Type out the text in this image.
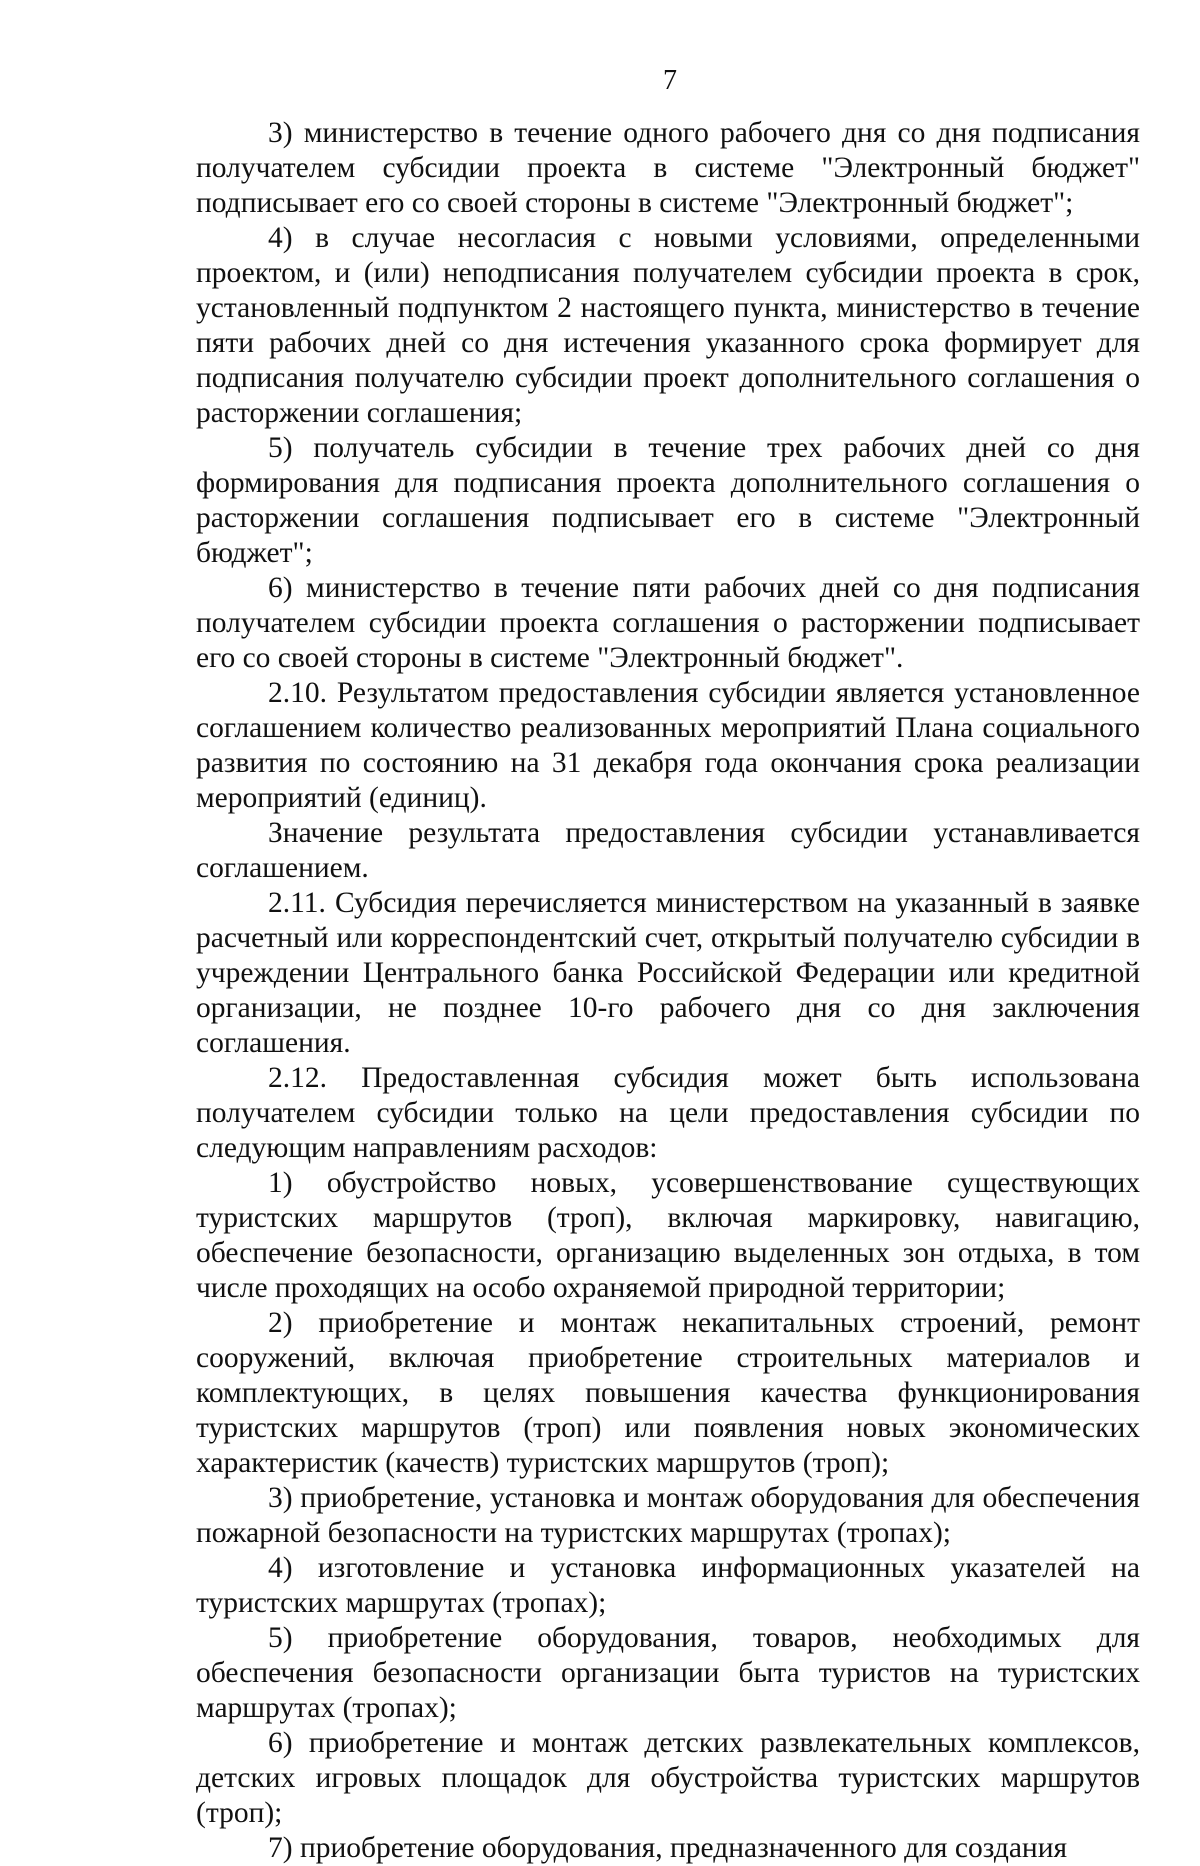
7

3) министерство в течение одного рабочего дня со дня подписания получателем субсидии проекта в системе "Электронный бюджет" подписывает его со своей стороны в системе "Электронный бюджет";

4) в случае несогласия с новыми условиями, определенными проектом, и (или) неподписания получателем субсидии проекта в срок, установленный подпунктом 2 настоящего пункта, министерство в течение пяти рабочих дней со дня истечения указанного срока формирует для подписания получателю субсидии проект дополнительного соглашения о расторжении соглашения;

5) получатель субсидии в течение трех рабочих дней со дня формирования для подписания проекта дополнительного соглашения о расторжении соглашения подписывает его в системе "Электронный бюджет";

6) министерство в течение пяти рабочих дней со дня подписания получателем субсидии проекта соглашения о расторжении подписывает его со своей стороны в системе "Электронный бюджет".

2.10. Результатом предоставления субсидии является установленное соглашением количество реализованных мероприятий Плана социального развития по состоянию на 31 декабря года окончания срока реализации мероприятий (единиц).

Значение результата предоставления субсидии устанавливается соглашением.

2.11. Субсидия перечисляется министерством на указанный в заявке расчетный или корреспондентский счет, открытый получателю субсидии в учреждении Центрального банка Российской Федерации или кредитной организации, не позднее 10-го рабочего дня со дня заключения соглашения.

2.12. Предоставленная субсидия может быть использована получателем субсидии только на цели предоставления субсидии по следующим направлениям расходов:

1) обустройство новых, усовершенствование существующих туристских маршрутов (троп), включая маркировку, навигацию, обеспечение безопасности, организацию выделенных зон отдыха, в том числе проходящих на особо охраняемой природной территории;

2) приобретение и монтаж некапитальных строений, ремонт сооружений, включая приобретение строительных материалов и комплектующих, в целях повышения качества функционирования туристских маршрутов (троп) или появления новых экономических характеристик (качеств) туристских маршрутов (троп);

3) приобретение, установка и монтаж оборудования для обеспечения пожарной безопасности на туристских маршрутах (тропах);

4) изготовление и установка информационных указателей на туристских маршрутах (тропах);

5) приобретение оборудования, товаров, необходимых для обеспечения безопасности организации быта туристов на туристских маршрутах (тропах);

6) приобретение и монтаж детских развлекательных комплексов, детских игровых площадок для обустройства туристских маршрутов (троп);

7) приобретение оборудования, предназначенного для создания
